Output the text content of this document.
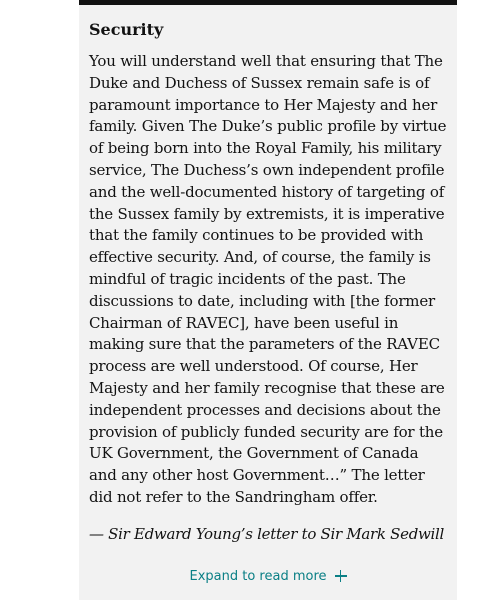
Security

You will understand well that ensuring that The Duke and Duchess of Sussex remain safe is of paramount importance to Her Majesty and her family. Given The Duke’s public profile by virtue of being born into the Royal Family, his military service, The Duchess’s own independent profile and the well-documented history of targeting of the Sussex family by extremists, it is imperative that the family continues to be provided with effective security. And, of course, the family is mindful of tragic incidents of the past. The discussions to date, including with [the former Chairman of RAVEC], have been useful in making sure that the parameters of the RAVEC process are well understood. Of course, Her Majesty and her family recognise that these are independent processes and decisions about the provision of publicly funded security are for the UK Government, the Government of Canada and any other host Government…” The letter did not refer to the Sandringham offer.

— Sir Edward Young’s letter to Sir Mark Sedwill

Expand to read more
